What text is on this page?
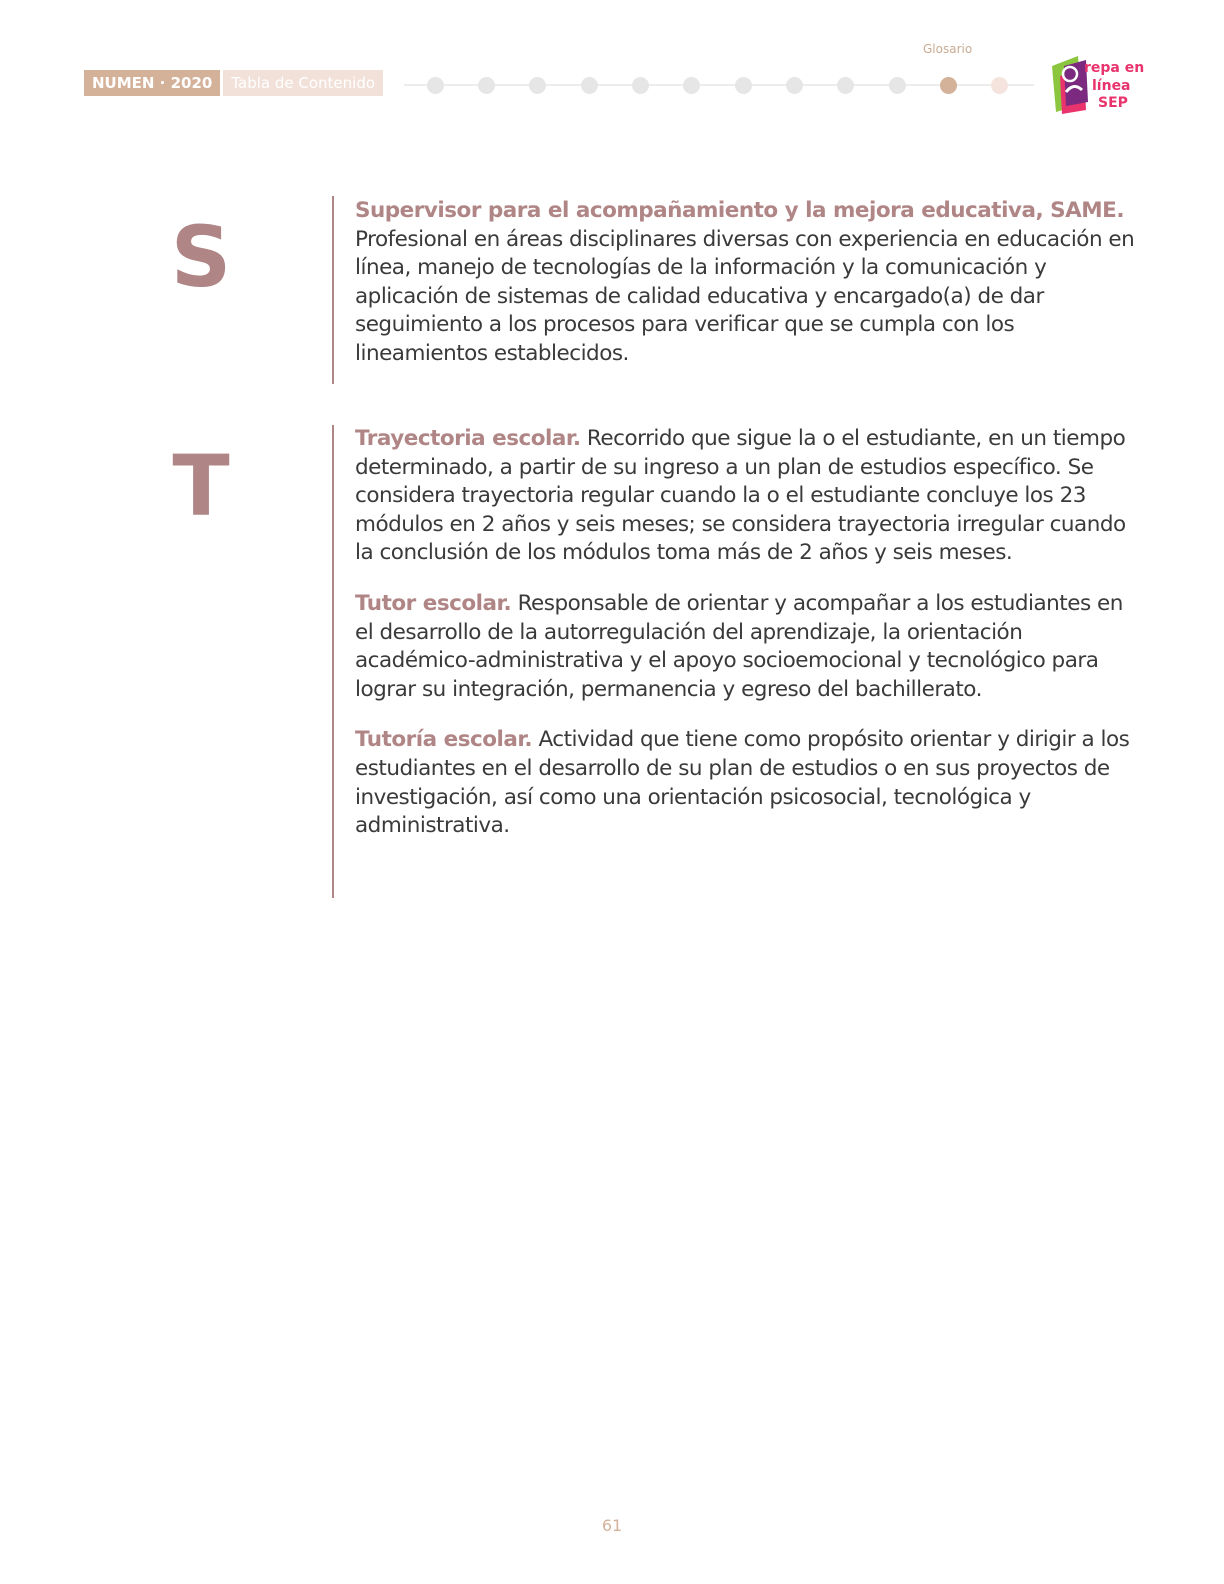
Glosario
NUMEN · 2020	Tabla de Contenido
repa en
línea
SEP
S	Supervisor para el acompañamiento y la mejora educativa, SAME. Profesional en áreas disciplinares diversas con experiencia en educación en línea, manejo de tecnologías de la información y la comunicación y aplicación de sistemas de calidad educativa y encargado(a) de dar seguimiento a los procesos para verificar que se cumpla con los lineamientos establecidos.

T	Trayectoria escolar. Recorrido que sigue la o el estudiante, en un tiempo determinado, a partir de su ingreso a un plan de estudios específico. Se considera trayectoria regular cuando la o el estudiante concluye los 23 módulos en 2 años y seis meses; se considera trayectoria irregular cuando la conclusión de los módulos toma más de 2 años y seis meses.

Tutor escolar. Responsable de orientar y acompañar a los estudiantes en el desarrollo de la autorregulación del aprendizaje, la orientación académico-administrativa y el apoyo socioemocional y tecnológico para lograr su integración, permanencia y egreso del bachillerato.

Tutoría escolar. Actividad que tiene como propósito orientar y dirigir a los estudiantes en el desarrollo de su plan de estudios o en sus proyectos de investigación, así como una orientación psicosocial, tecnológica y administrativa.

61
